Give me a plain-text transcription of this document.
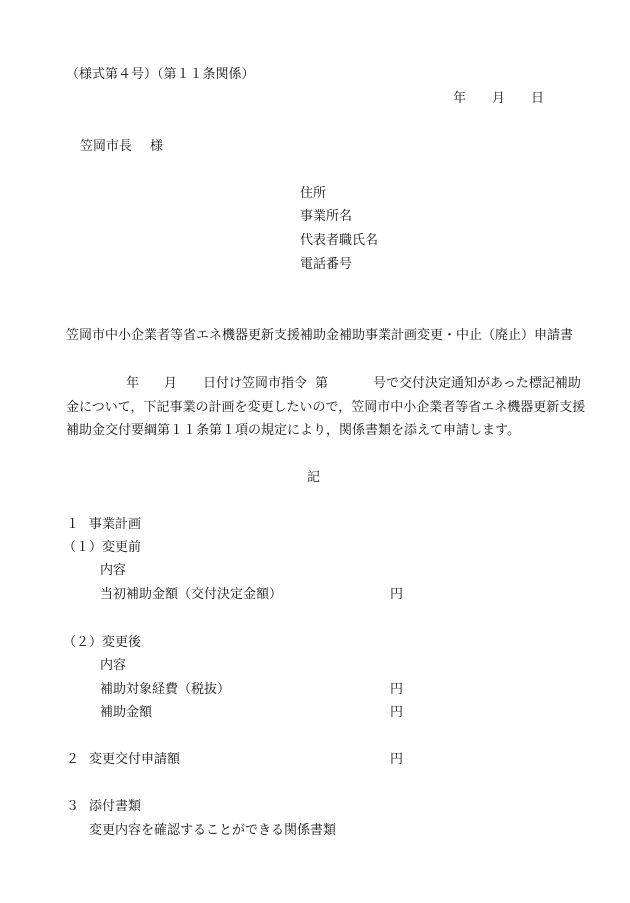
（様式第４号）（第１１条関係）
年 月 日
笠岡市長 様
住所
事業所名
代表者職氏名
電話番号
笠岡市中小企業者等省エネ機器更新支援補助金補助事業計画変更・中止（廃止）申請書
年 月 日付け笠岡市指令 第	号で交付決定通知があった標記補助
金について，下記事業の計画を変更したいので，笠岡市中小企業者等省エネ機器更新支援
補助金交付要綱第１１条第１項の規定により，関係書類を添えて申請します。
記
１ 事業計画
（１）変更前
内容
当初補助金額（交付決定金額）	円
（２）変更後
内容
補助対象経費（税抜）	円
補助金額	円
２ 変更交付申請額	円
３ 添付書類
変更内容を確認することができる関係書類
